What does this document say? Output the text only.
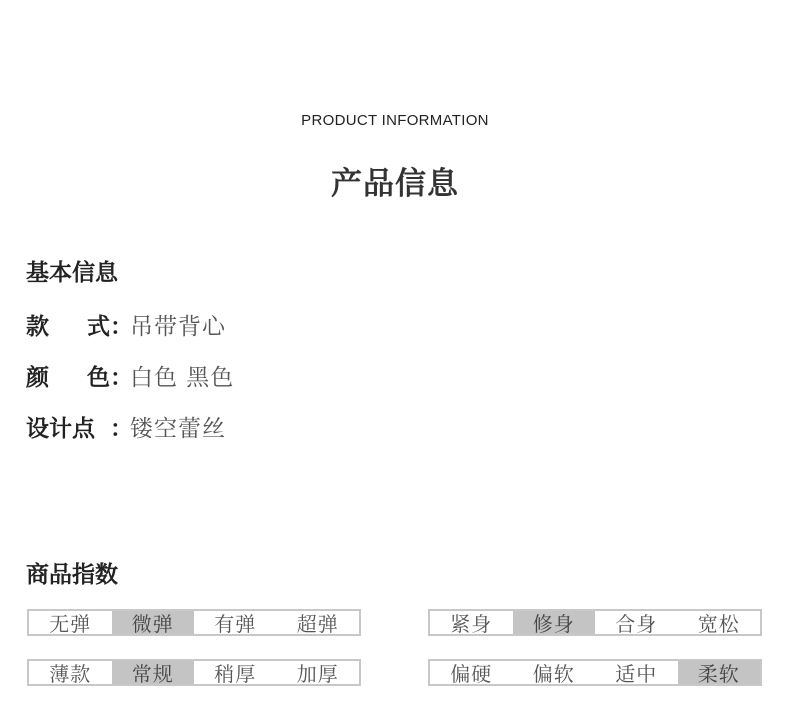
PRODUCT INFORMATION
产品信息
基本信息
款 式 ：
吊带背心
颜 色 ：
白色 黑色
设计点 ：
镂空蕾丝
商品指数
无弹	微弹	有弹	超弹	紧身	修身	合身	宽松
薄款	常规	稍厚	加厚	偏硬	偏软	适中	柔软
